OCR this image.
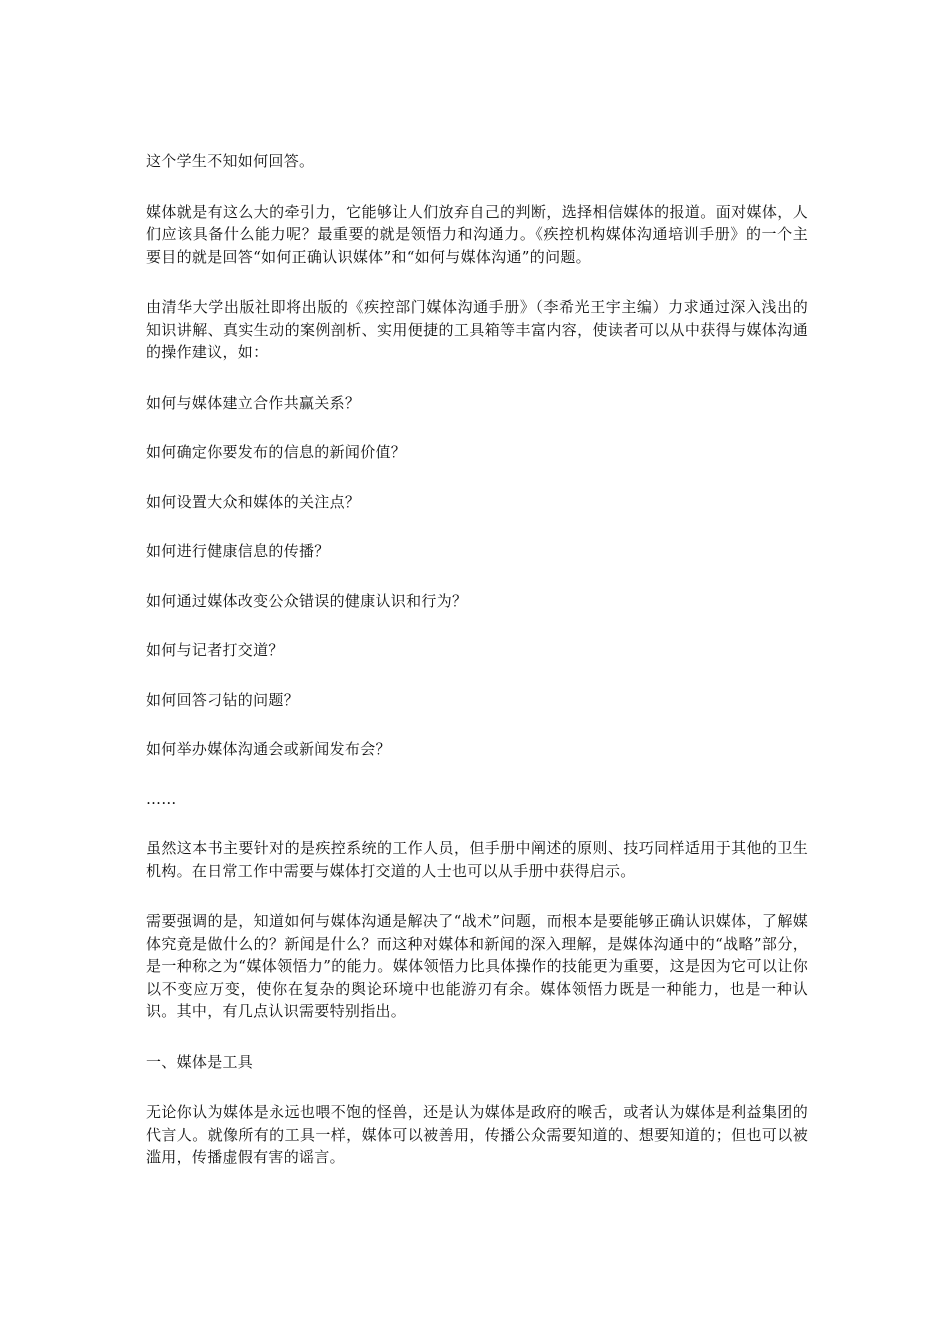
这个学生不知如何回答。

媒体就是有这么大的牵引力，它能够让人们放弃自己的判断，选择相信媒体的报道。面对媒体，人们应该具备什么能力呢？最重要的就是领悟力和沟通力。《疾控机构媒体沟通培训手册》的一个主要目的就是回答“如何正确认识媒体”和“如何与媒体沟通”的问题。

由清华大学出版社即将出版的《疾控部门媒体沟通手册》（李希光王宇主编）力求通过深入浅出的知识讲解、真实生动的案例剖析、实用便捷的工具箱等丰富内容，使读者可以从中获得与媒体沟通的操作建议，如：

如何与媒体建立合作共赢关系？

如何确定你要发布的信息的新闻价值？

如何设置大众和媒体的关注点？

如何进行健康信息的传播？

如何通过媒体改变公众错误的健康认识和行为？

如何与记者打交道？

如何回答刁钻的问题？

如何举办媒体沟通会或新闻发布会？

……

虽然这本书主要针对的是疾控系统的工作人员，但手册中阐述的原则、技巧同样适用于其他的卫生机构。在日常工作中需要与媒体打交道的人士也可以从手册中获得启示。

需要强调的是，知道如何与媒体沟通是解决了“战术”问题，而根本是要能够正确认识媒体，了解媒体究竟是做什么的？新闻是什么？而这种对媒体和新闻的深入理解，是媒体沟通中的“战略”部分，是一种称之为“媒体领悟力”的能力。媒体领悟力比具体操作的技能更为重要，这是因为它可以让你以不变应万变，使你在复杂的舆论环境中也能游刃有余。媒体领悟力既是一种能力，也是一种认识。其中，有几点认识需要特别指出。

一、媒体是工具

无论你认为媒体是永远也喂不饱的怪兽，还是认为媒体是政府的喉舌，或者认为媒体是利益集团的代言人。就像所有的工具一样，媒体可以被善用，传播公众需要知道的、想要知道的；但也可以被滥用，传播虚假有害的谣言。
